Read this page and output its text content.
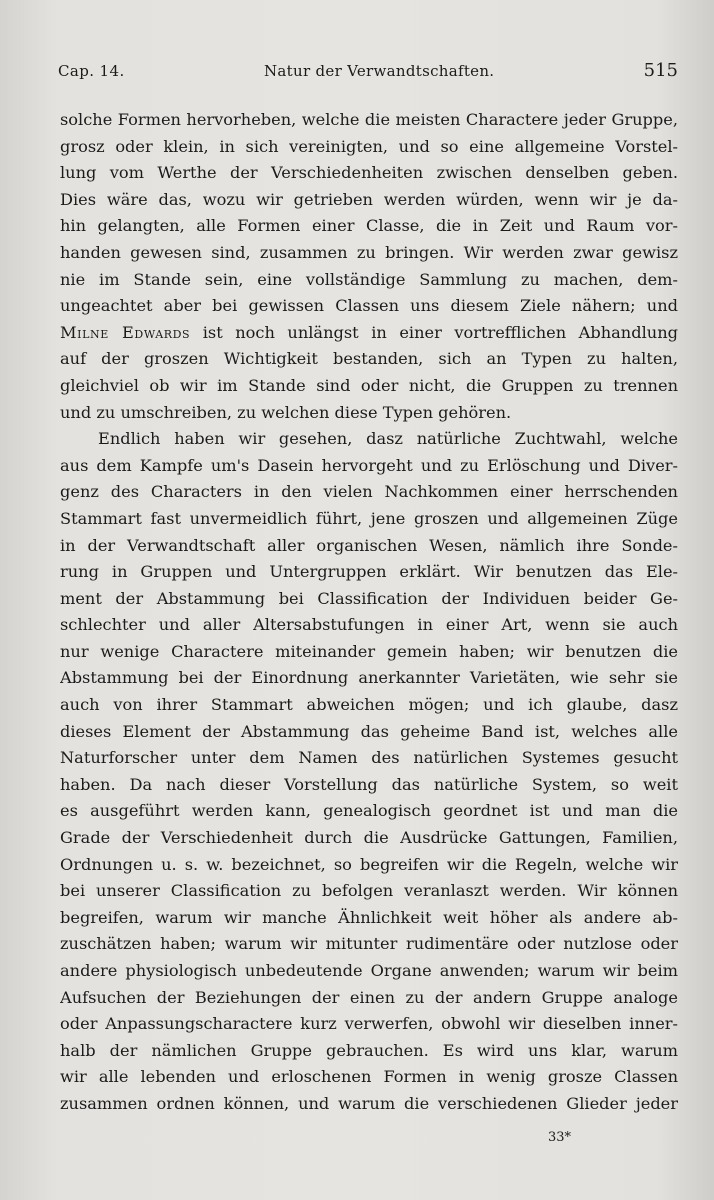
Cap. 14.	Natur der Verwandtschaften.	515
solche Formen hervorheben, welche die meisten Charactere jeder Gruppe,
grosz oder klein, in sich vereinigten, und so eine allgemeine Vorstel-
lung vom Werthe der Verschiedenheiten zwischen denselben geben.
Dies wäre das, wozu wir getrieben werden würden, wenn wir je da-
hin gelangten, alle Formen einer Classe, die in Zeit und Raum vor-
handen gewesen sind, zusammen zu bringen. Wir werden zwar gewisz
nie im Stande sein, eine vollständige Sammlung zu machen, dem-
ungeachtet aber bei gewissen Classen uns diesem Ziele nähern; und
Milne Edwards ist noch unlängst in einer vortrefflichen Abhandlung
auf der groszen Wichtigkeit bestanden, sich an Typen zu halten,
gleichviel ob wir im Stande sind oder nicht, die Gruppen zu trennen
und zu umschreiben, zu welchen diese Typen gehören.
Endlich haben wir gesehen, dasz natürliche Zuchtwahl, welche
aus dem Kampfe um's Dasein hervorgeht und zu Erlöschung und Diver-
genz des Characters in den vielen Nachkommen einer herrschenden
Stammart fast unvermeidlich führt, jene groszen und allgemeinen Züge
in der Verwandtschaft aller organischen Wesen, nämlich ihre Sonde-
rung in Gruppen und Untergruppen erklärt. Wir benutzen das Ele-
ment der Abstammung bei Classification der Individuen beider Ge-
schlechter und aller Altersabstufungen in einer Art, wenn sie auch
nur wenige Charactere miteinander gemein haben; wir benutzen die
Abstammung bei der Einordnung anerkannter Varietäten, wie sehr sie
auch von ihrer Stammart abweichen mögen; und ich glaube, dasz
dieses Element der Abstammung das geheime Band ist, welches alle
Naturforscher unter dem Namen des natürlichen Systemes gesucht
haben. Da nach dieser Vorstellung das natürliche System, so weit
es ausgeführt werden kann, genealogisch geordnet ist und man die
Grade der Verschiedenheit durch die Ausdrücke Gattungen, Familien,
Ordnungen u. s. w. bezeichnet, so begreifen wir die Regeln, welche wir
bei unserer Classification zu befolgen veranlaszt werden. Wir können
begreifen, warum wir manche Ähnlichkeit weit höher als andere ab-
zuschätzen haben; warum wir mitunter rudimentäre oder nutzlose oder
andere physiologisch unbedeutende Organe anwenden; warum wir beim
Aufsuchen der Beziehungen der einen zu der andern Gruppe analoge
oder Anpassungscharactere kurz verwerfen, obwohl wir dieselben inner-
halb der nämlichen Gruppe gebrauchen. Es wird uns klar, warum
wir alle lebenden und erloschenen Formen in wenig grosze Classen
zusammen ordnen können, und warum die verschiedenen Glieder jeder
33*
